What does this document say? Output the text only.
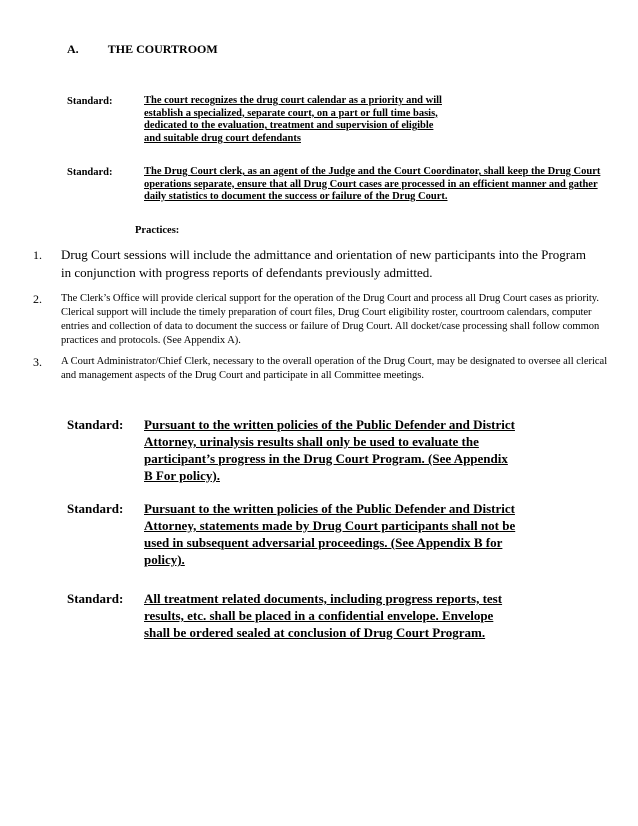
A. THE COURTROOM
Standard:	The court recognizes the drug court calendar as a priority and will establish a specialized, separate court, on a part or full time basis, dedicated to the evaluation, treatment and supervision of eligible and suitable drug court defendants
Standard:	The Drug Court clerk, as an agent of the Judge and the Court Coordinator, shall keep the Drug Court operations separate, ensure that all Drug Court cases are processed in an efficient manner and gather daily statistics to document the success or failure of the Drug Court.
Practices:
1. Drug Court sessions will include the admittance and orientation of new participants into the Program in conjunction with progress reports of defendants previously admitted.
2. The Clerk’s Office will provide clerical support for the operation of the Drug Court and process all Drug Court cases as priority. Clerical support will include the timely preparation of court files, Drug Court eligibility roster, courtroom calendars, computer entries and collection of data to document the success or failure of Drug Court. All docket/case processing shall follow common practices and protocols. (See Appendix A).
3. A Court Administrator/Chief Clerk, necessary to the overall operation of the Drug Court, may be designated to oversee all clerical and management aspects of the Drug Court and participate in all Committee meetings.
Standard: Pursuant to the written policies of the Public Defender and District Attorney, urinalysis results shall only be used to evaluate the participant’s progress in the Drug Court Program. (See Appendix B For policy).
Standard: Pursuant to the written policies of the Public Defender and District Attorney, statements made by Drug Court participants shall not be used in subsequent adversarial proceedings. (See Appendix B for policy).
Standard: All treatment related documents, including progress reports, test results, etc. shall be placed in a confidential envelope. Envelope shall be ordered sealed at conclusion of Drug Court Program.
